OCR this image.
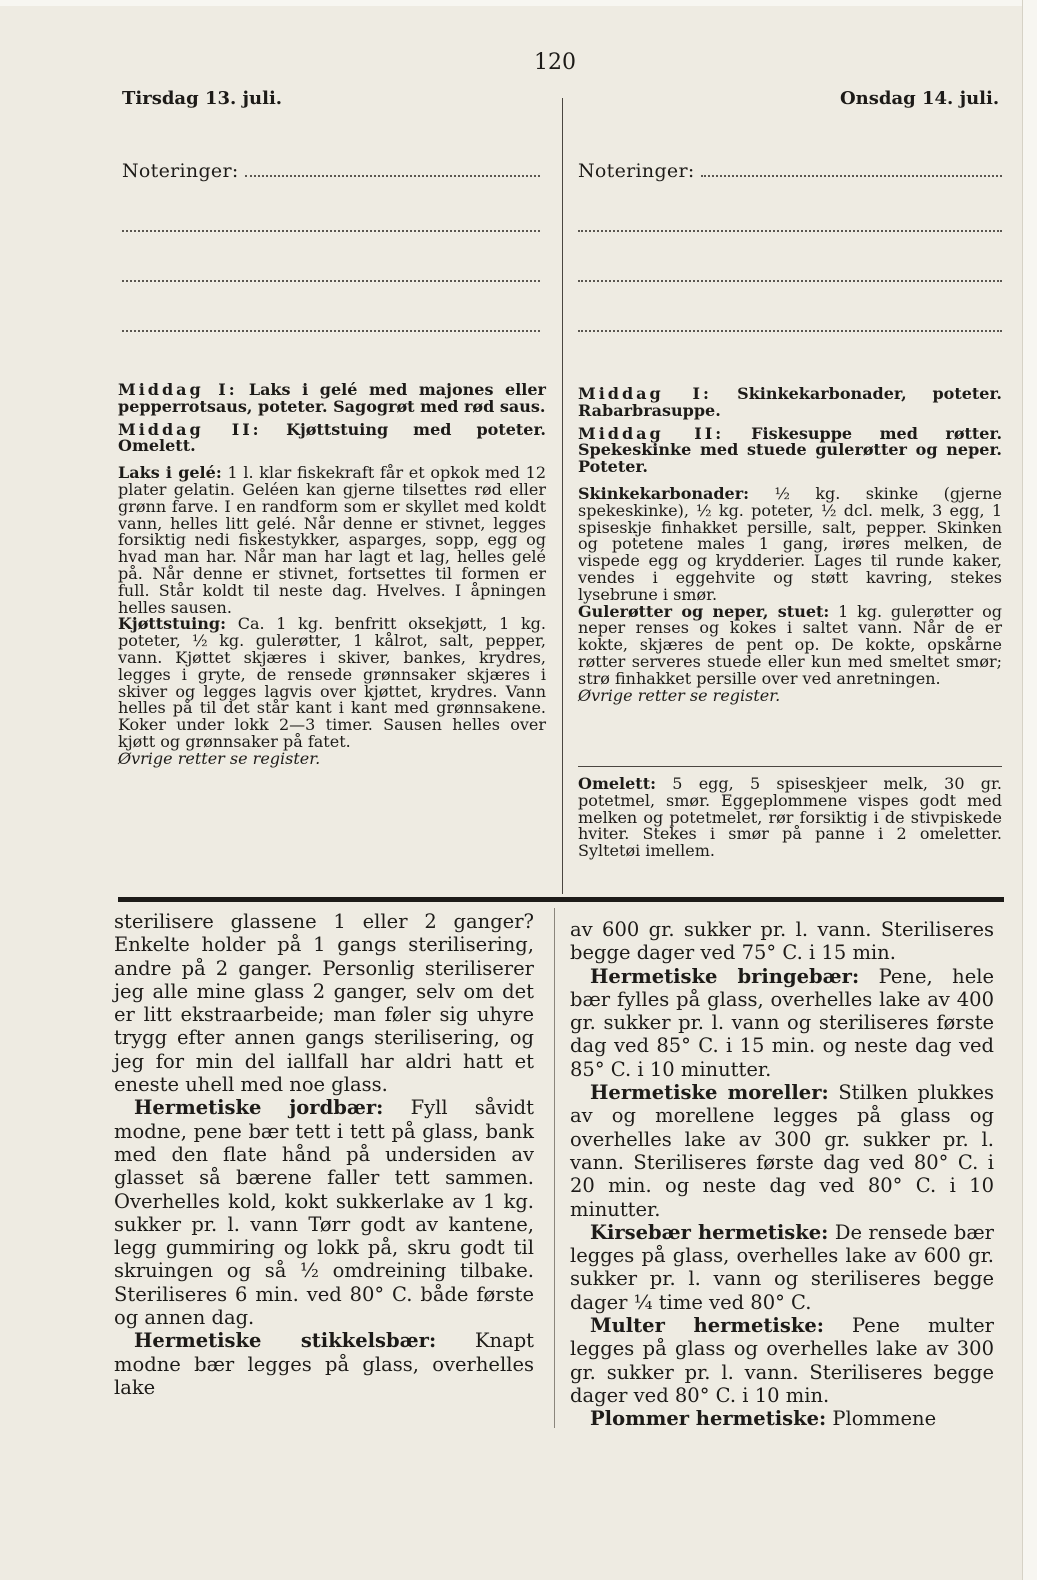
120
Tirsdag 13. juli.	Onsdag 14. juli.
Noteringer:	Noteringer:

Middag I: Laks i gelé med majones eller pepperrotsaus, poteter. Sagogrøt med rød saus.

Middag II: Kjøttstuing med poteter. Omelett.

Laks i gelé: 1 l. klar fiskekraft får et opkok med 12 plater gelatin. Geléen kan gjerne tilsettes rød eller grønn farve. I en randform som er skyllet med koldt vann, helles litt gelé. Når denne er stivnet, legges forsiktig nedi fiskestykker, asparges, sopp, egg og hvad man har. Når man har lagt et lag, helles gelé på. Når denne er stivnet, fortsettes til formen er full. Står koldt til neste dag. Hvelves. I åpningen helles sausen.

Kjøttstuing: Ca. 1 kg. benfritt oksekjøtt, 1 kg. poteter, ½ kg. gulerøtter, 1 kålrot, salt, pepper, vann. Kjøttet skjæres i skiver, bankes, krydres, legges i gryte, de rensede grønnsaker skjæres i skiver og legges lagvis over kjøttet, krydres. Vann helles på til det står kant i kant med grønnsakene. Koker under lokk 2—3 timer. Sausen helles over kjøtt og grønnsaker på fatet.

Øvrige retter se register.

Middag I: Skinkekarbonader, poteter. Rabarbrasuppe.

Middag II: Fiskesuppe med røtter. Spekeskinke med stuede gulerøtter og neper. Poteter.

Skinkekarbonader: ½ kg. skinke (gjerne spekeskinke), ½ kg. poteter, ½ dcl. melk, 3 egg, 1 spiseskje finhakket persille, salt, pepper. Skinken og potetene males 1 gang, irøres melken, de vispede egg og krydderier. Lages til runde kaker, vendes i eggehvite og støtt kavring, stekes lysebrune i smør.

Gulerøtter og neper, stuet: 1 kg. gulerøtter og neper renses og kokes i saltet vann. Når de er kokte, skjæres de pent op. De kokte, opskårne røtter serveres stuede eller kun med smeltet smør; strø finhakket persille over ved anretningen.

Øvrige retter se register.

Omelett: 5 egg, 5 spiseskjeer melk, 30 gr. potetmel, smør. Eggeplommene vispes godt med melken og potetmelet, rør forsiktig i de stivpiskede hviter. Stekes i smør på panne i 2 omeletter. Syltetøi imellem.

sterilisere glassene 1 eller 2 ganger? Enkelte holder på 1 gangs sterilisering, andre på 2 ganger. Personlig steriliserer jeg alle mine glass 2 ganger, selv om det er litt ekstraarbeide; man føler sig uhyre trygg efter annen gangs sterilisering, og jeg for min del iallfall har aldri hatt et eneste uhell med noe glass.

Hermetiske jordbær: Fyll såvidt modne, pene bær tett i tett på glass, bank med den flate hånd på undersiden av glasset så bærene faller tett sammen. Overhelles kold, kokt sukkerlake av 1 kg. sukker pr. l. vann Tørr godt av kantene, legg gummiring og lokk på, skru godt til skruingen og så ½ omdreining tilbake. Steriliseres 6 min. ved 80° C. både første og annen dag.

Hermetiske stikkelsbær: Knapt modne bær legges på glass, overhelles lake

av 600 gr. sukker pr. l. vann. Steriliseres begge dager ved 75° C. i 15 min.

Hermetiske bringebær: Pene, hele bær fylles på glass, overhelles lake av 400 gr. sukker pr. l. vann og steriliseres første dag ved 85° C. i 15 min. og neste dag ved 85° C. i 10 minutter.

Hermetiske moreller: Stilken plukkes av og morellene legges på glass og overhelles lake av 300 gr. sukker pr. l. vann. Steriliseres første dag ved 80° C. i 20 min. og neste dag ved 80° C. i 10 minutter.

Kirsebær hermetiske: De rensede bær legges på glass, overhelles lake av 600 gr. sukker pr. l. vann og steriliseres begge dager ¼ time ved 80° C.

Multer hermetiske: Pene multer legges på glass og overhelles lake av 300 gr. sukker pr. l. vann. Steriliseres begge dager ved 80° C. i 10 min.

Plommer hermetiske: Plommene
